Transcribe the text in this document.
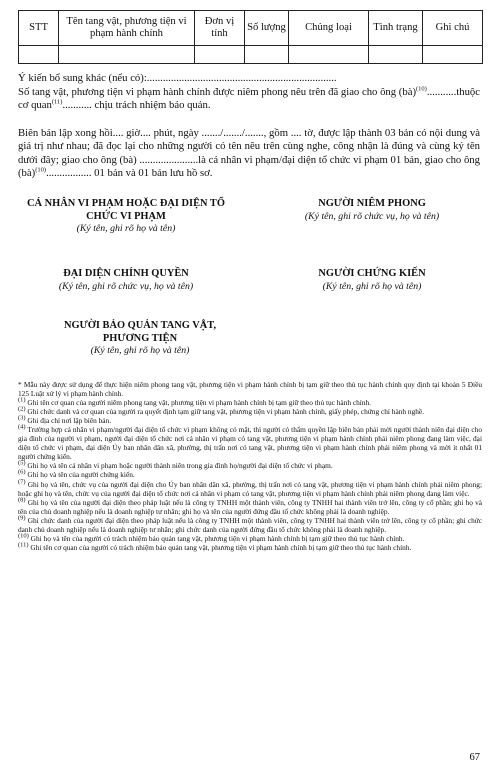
STT	Tên tang vật, phương tiện vi phạm hành chính	Đơn vị tính	Số lượng	Chủng loại	Tình trạng	Ghi chú

Ý kiến bổ sung khác (nếu có):.......................................................................

Số tang vật, phương tiện vi phạm hành chính được niêm phong nêu trên đã giao cho ông (bà)$^{(10)}$...........thuộc cơ quan$^{(11)}$........... chịu trách nhiệm bảo quản.

Biên bản lập xong hồi.... giờ.... phút, ngày ......./......./......., gồm .... tờ, được lập thành 03 bản có nội dung và giá trị như nhau; đã đọc lại cho những người có tên nêu trên cùng nghe, công nhận là đúng và cùng ký tên dưới đây; giao cho ông (bà) ......................là cá nhân vi phạm/đại diện tổ chức vi phạm 01 bản, giao cho ông (bà)$^{(10)}$................. 01 bản và 01 bản lưu hồ sơ.

CÁ NHÂN VI PHẠM HOẶC ĐẠI DIỆN TỔ CHỨC VI PHẠM
(Ký tên, ghi rõ họ và tên)
NGƯỜI NIÊM PHONG
(Ký tên, ghi rõ chức vụ, họ và tên)
ĐẠI DIỆN CHÍNH QUYỀN
(Ký tên, ghi rõ chức vụ, họ và tên)
NGƯỜI CHỨNG KIẾN
(Ký tên, ghi rõ họ và tên)
NGƯỜI BẢO QUẢN TANG VẬT, PHƯƠNG TIỆN
(Ký tên, ghi rõ họ và tên)

* Mẫu này được sử dụng để thực hiện niêm phong tang vật, phương tiện vi phạm hành chính bị tạm giữ theo thủ tục hành chính quy định tại khoản 5 Điều 125 Luật xử lý vi phạm hành chính.

$^{(1)}$ Ghi tên cơ quan của người niêm phong tang vật, phương tiện vi phạm hành chính bị tạm giữ theo thủ tục hành chính.

$^{(2)}$ Ghi chức danh và cơ quan của người ra quyết định tạm giữ tang vật, phương tiện vi phạm hành chính, giấy phép, chứng chỉ hành nghề.

$^{(3)}$ Ghi địa chỉ nơi lập biên bản.

$^{(4)}$ Trường hợp cá nhân vi phạm/người đại diện tổ chức vi phạm không có mặt, thì người có thẩm quyền lập biên bản phải mời người thành niên đại diện cho gia đình của người vi phạm, người đại diện tổ chức nơi cá nhân vi phạm có tang vật, phương tiện vi phạm hành chính phải niêm phong đang làm việc, đại diện tổ chức vi phạm, đại diện Ủy ban nhân dân xã, phường, thị trấn nơi có tang vật, phương tiện vi phạm hành chính phải niêm phong và mời ít nhất 01 người chứng kiến.

$^{(5)}$ Ghi họ và tên cá nhân vi phạm hoặc người thành niên trong gia đình họ/người đại diện tổ chức vi phạm.

$^{(6)}$ Ghi họ và tên của người chứng kiến.

$^{(7)}$ Ghi họ và tên, chức vụ của người đại diện cho Ủy ban nhân dân xã, phường, thị trấn nơi có tang vật, phương tiện vi phạm hành chính phải niêm phong; hoặc ghi họ và tên, chức vụ của người đại diện tổ chức nơi cá nhân vi phạm có tang vật, phương tiện vi phạm hành chính phải niêm phong đang làm việc.

$^{(8)}$ Ghi họ và tên của người đại diện theo pháp luật nếu là công ty TNHH một thành viên, công ty TNHH hai thành viên trở lên, công ty cổ phần; ghi họ và tên của chủ doanh nghiệp nếu là doanh nghiệp tư nhân; ghi họ và tên của người đứng đầu tổ chức không phải là doanh nghiệp.

$^{(9)}$ Ghi chức danh của người đại diện theo pháp luật nếu là công ty TNHH một thành viên, công ty TNHH hai thành viên trở lên, công ty cổ phần; ghi chức danh chủ doanh nghiệp nếu là doanh nghiệp tư nhân; ghi chức danh của người đứng đầu tổ chức không phải là doanh nghiệp.

$^{(10)}$ Ghi họ và tên của người có trách nhiệm bảo quản tang vật, phương tiện vi phạm hành chính bị tạm giữ theo thủ tục hành chính.

$^{(11)}$ Ghi tên cơ quan của người có trách nhiệm bảo quản tang vật, phương tiện vi phạm hành chính bị tạm giữ theo thủ tục hành chính.

67
